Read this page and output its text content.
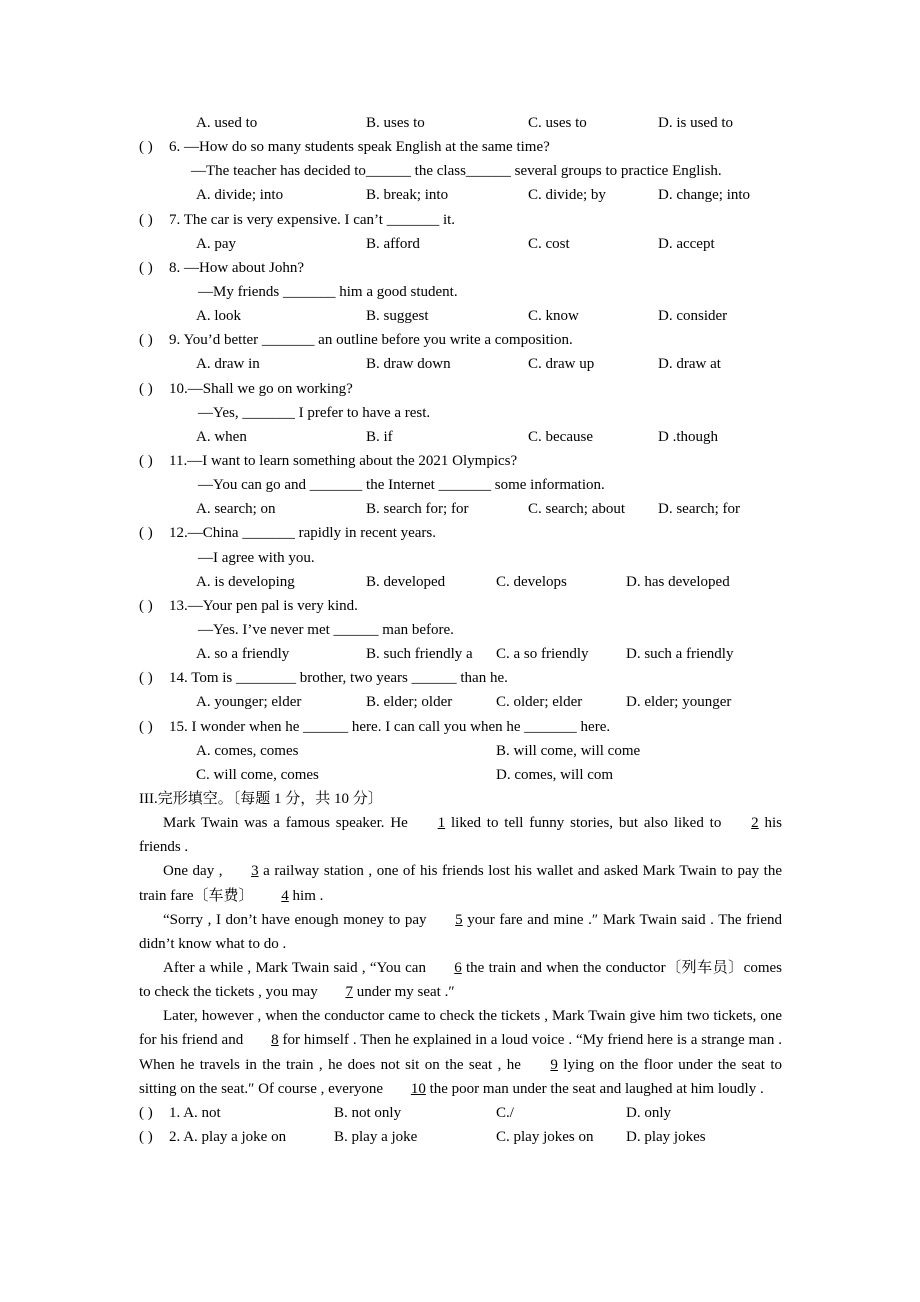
A. used to	B. uses to	C. uses to	D. is used to
( ) 6. —How do so many students speak English at the same time?
—The teacher has decided to______ the class______ several groups to practice English.
A. divide; into	B. break; into	C. divide; by	D. change; into
( ) 7. The car is very expensive. I can’t _______ it.
A. pay	B. afford	C. cost	D. accept
( ) 8. —How about John?
—My friends _______ him a good student.
A. look	B. suggest	C. know	D. consider
( ) 9. You’d better _______ an outline before you write a composition.
A. draw in	B. draw down	C. draw up	D. draw at
( ) 10.—Shall we go on working?
—Yes, _______ I prefer to have a rest.
A. when	B. if	C. because	D .though
( ) 11.—I want to learn something about the 2021 Olympics?
—You can go and _______ the Internet _______ some information.
A. search; on	B. search for; for	C. search; about D. search; for
( ) 12.—China _______ rapidly in recent years.
—I agree with you.
A. is developing	B. developed	C. develops	D. has developed
( ) 13.—Your pen pal is very kind.
—Yes. I’ve never met ______ man before.
A. so a friendly	B. such friendly a C. a so friendly	D. such a friendly
( ) 14. Tom is ________ brother, two years ______ than he.
A. younger; elder	B. elder; older	C. older; elder	D. elder; younger
( ) 15. I wonder when he ______ here. I can call you when he _______ here.
A. comes, comes	B. will come, will come
C. will come, comes	D. comes, will com
III.完形填空。〔每题 1 分，共 10 分〕

Mark Twain was a famous speaker. He 1 liked to tell funny stories, but also liked to 2 his friends .

One day , 3 a railway station , one of his friends lost his wallet and asked Mark Twain to pay the train fare〔车费〕 4 him .

“Sorry , I don’t have enough money to pay 5 your fare and mine .″ Mark Twain said . The friend didn’t know what to do .

After a while , Mark Twain said , “You can 6 the train and when the conductor〔列车员〕comes to check the tickets , you may 7 under my seat .″

Later, however , when the conductor came to check the tickets , Mark Twain give him two tickets, one for his friend and 8 for himself . Then he explained in a loud voice . “My friend here is a strange man . When he travels in the train , he does not sit on the seat , he 9 lying on the floor under the seat to sitting on the seat.″ Of course , everyone 10 the poor man under the seat and laughed at him loudly .

( ) 1. A. not	B. not only	C./	D. only
( ) 2. A. play a joke on	B. play a joke	C. play jokes on D. play jokes
